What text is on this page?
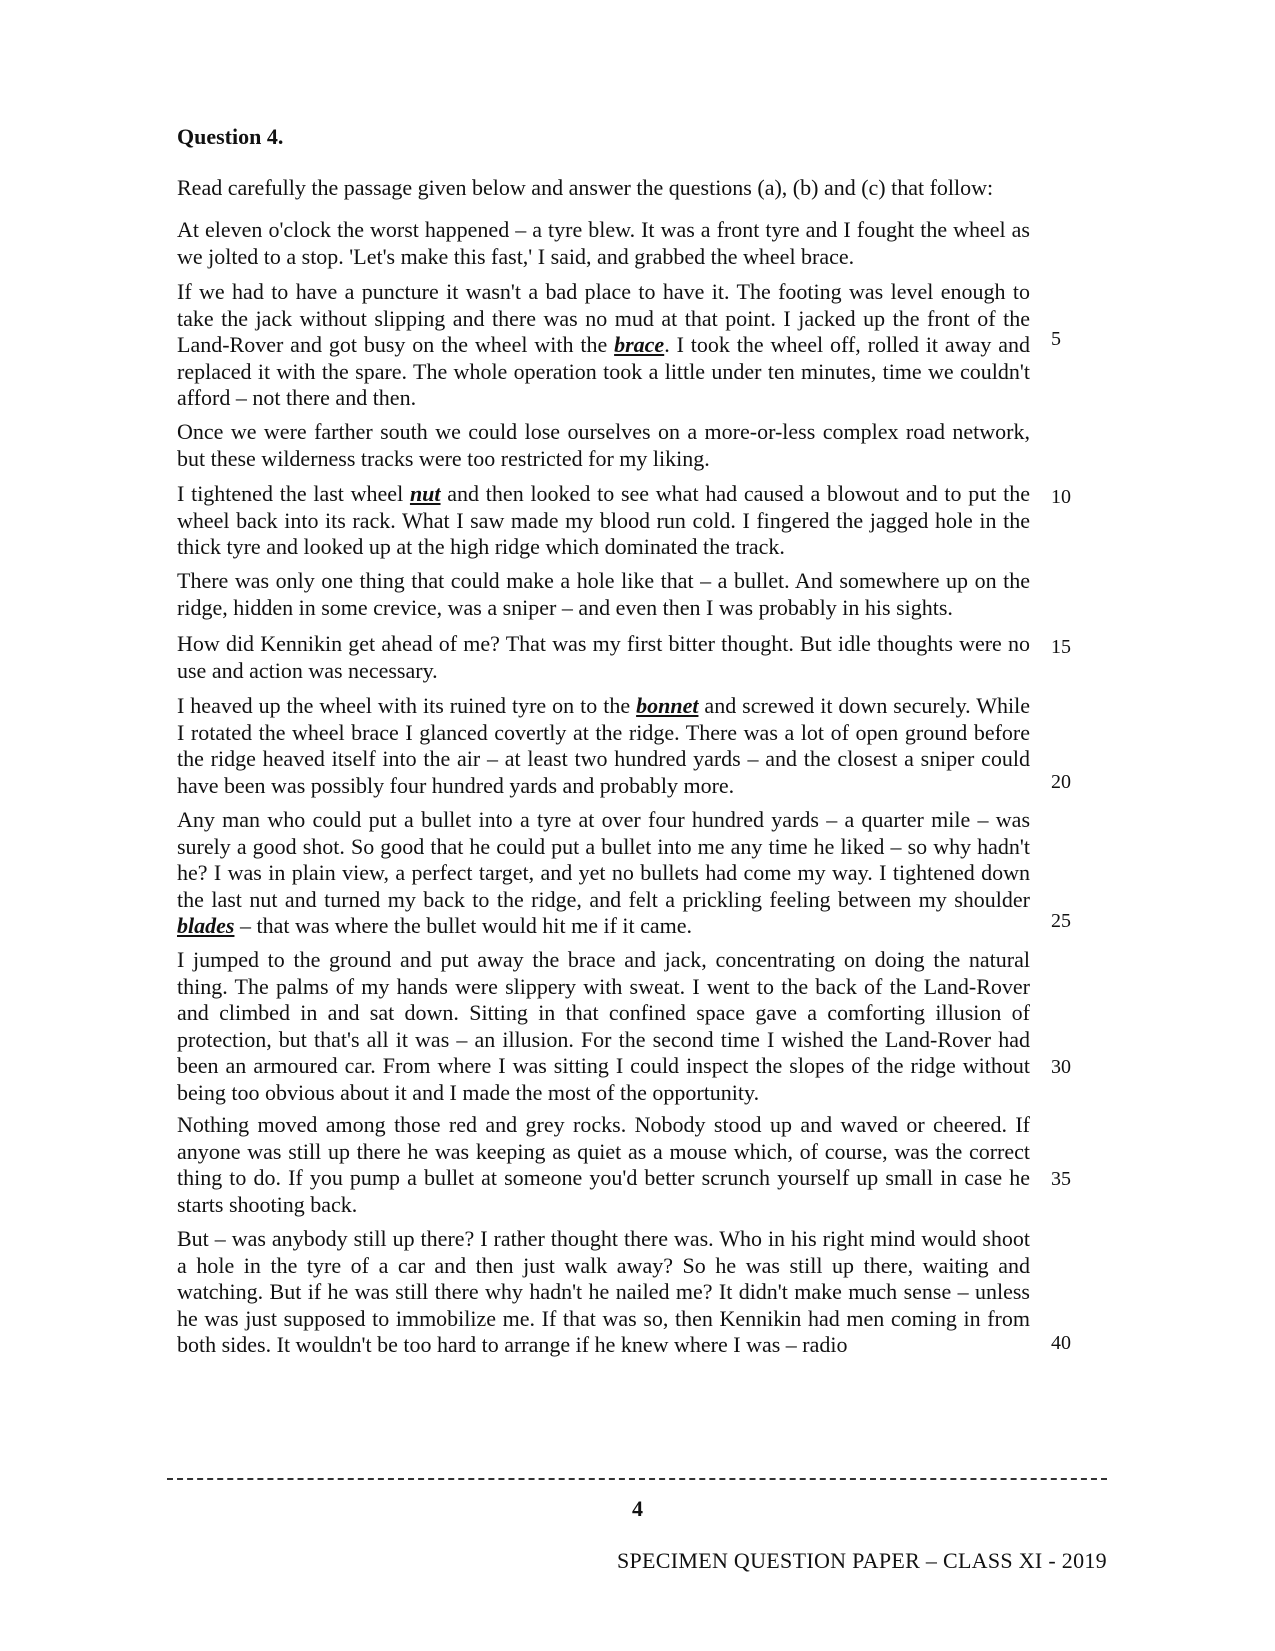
Question 4.
Read carefully the passage given below and answer the questions (a), (b) and (c) that follow:

At eleven o'clock the worst happened – a tyre blew. It was a front tyre and I fought the wheel as we jolted to a stop. 'Let's make this fast,' I said, and grabbed the wheel brace.

If we had to have a puncture it wasn't a bad place to have it. The footing was level enough to take the jack without slipping and there was no mud at that point. I jacked up the front of the Land-Rover and got busy on the wheel with the brace. I took the wheel off, rolled it away and replaced it with the spare. The whole operation took a little under ten minutes, time we couldn't afford – not there and then.

Once we were farther south we could lose ourselves on a more-or-less complex road network, but these wilderness tracks were too restricted for my liking.

I tightened the last wheel nut and then looked to see what had caused a blowout and to put the wheel back into its rack. What I saw made my blood run cold. I fingered the jagged hole in the thick tyre and looked up at the high ridge which dominated the track.

There was only one thing that could make a hole like that – a bullet. And somewhere up on the ridge, hidden in some crevice, was a sniper – and even then I was probably in his sights.

How did Kennikin get ahead of me? That was my first bitter thought. But idle thoughts were no use and action was necessary.

I heaved up the wheel with its ruined tyre on to the bonnet and screwed it down securely. While I rotated the wheel brace I glanced covertly at the ridge. There was a lot of open ground before the ridge heaved itself into the air – at least two hundred yards – and the closest a sniper could have been was possibly four hundred yards and probably more.

Any man who could put a bullet into a tyre at over four hundred yards – a quarter mile – was surely a good shot. So good that he could put a bullet into me any time he liked – so why hadn't he? I was in plain view, a perfect target, and yet no bullets had come my way. I tightened down the last nut and turned my back to the ridge, and felt a prickling feeling between my shoulder blades – that was where the bullet would hit me if it came.

I jumped to the ground and put away the brace and jack, concentrating on doing the natural thing. The palms of my hands were slippery with sweat. I went to the back of the Land-Rover and climbed in and sat down. Sitting in that confined space gave a comforting illusion of protection, but that's all it was – an illusion. For the second time I wished the Land-Rover had been an armoured car. From where I was sitting I could inspect the slopes of the ridge without being too obvious about it and I made the most of the opportunity.

Nothing moved among those red and grey rocks. Nobody stood up and waved or cheered. If anyone was still up there he was keeping as quiet as a mouse which, of course, was the correct thing to do. If you pump a bullet at someone you'd better scrunch yourself up small in case he starts shooting back.

But – was anybody still up there? I rather thought there was. Who in his right mind would shoot a hole in the tyre of a car and then just walk away? So he was still up there, waiting and watching. But if he was still there why hadn't he nailed me? It didn't make much sense – unless he was just supposed to immobilize me. If that was so, then Kennikin had men coming in from both sides. It wouldn't be too hard to arrange if he knew where I was – radio

5
10
15
20
25
30
35
40
4
SPECIMEN QUESTION PAPER – CLASS XI - 2019
